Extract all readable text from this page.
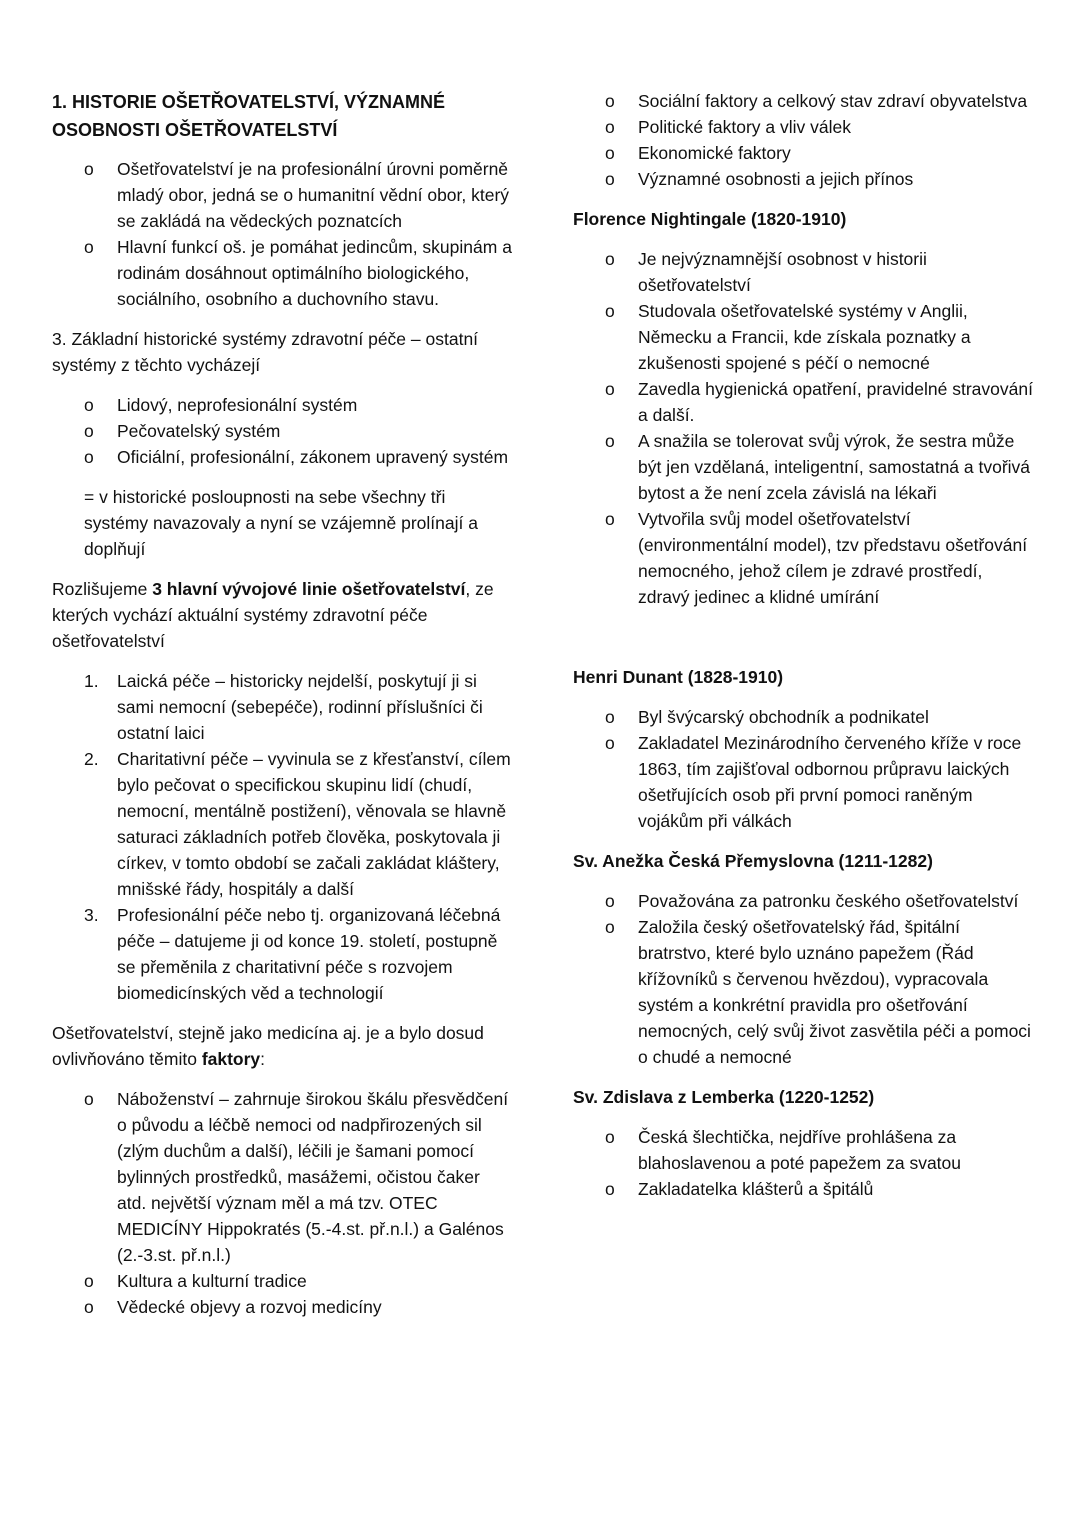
1. HISTORIE OŠETŘOVATELSTVÍ, VÝZNAMNÉ OSOBNOSTI OŠETŘOVATELSTVÍ
o	Ošetřovatelství je na profesionální úrovni poměrně mladý obor, jedná se o humanitní vědní obor, který se zakládá na vědeckých poznatcích
o	Hlavní funkcí oš. je pomáhat jedincům, skupinám a rodinám dosáhnout optimálního biologického, sociálního, osobního a duchovního stavu.

3. Základní historické systémy zdravotní péče – ostatní systémy z těchto vycházejí

o	Lidový, neprofesionální systém
o	Pečovatelský systém
o	Oficiální, profesionální, zákonem upravený systém

= v historické posloupnosti na sebe všechny tři systémy navazovaly a nyní se vzájemně prolínají a doplňují

Rozlišujeme 3 hlavní vývojové linie ošetřovatelství, ze kterých vychází aktuální systémy zdravotní péče ošetřovatelství

1.	Laická péče – historicky nejdelší, poskytují ji si sami nemocní (sebepéče), rodinní příslušníci či ostatní laici
2.	Charitativní péče – vyvinula se z křesťanství, cílem bylo pečovat o specifickou skupinu lidí (chudí, nemocní, mentálně postižení), věnovala se hlavně saturaci základních potřeb člověka, poskytovala ji církev, v tomto období se začali zakládat kláštery, mnišské řády, hospitály a další
3.	Profesionální péče nebo tj. organizovaná léčebná péče – datujeme ji od konce 19. století, postupně se přeměnila z charitativní péče s rozvojem biomedicínských věd a technologií

Ošetřovatelství, stejně jako medicína aj. je a bylo dosud ovlivňováno těmito faktory:

o	Náboženství – zahrnuje širokou škálu přesvědčení o původu a léčbě nemoci od nadpřirozených sil (zlým duchům a další), léčili je šamani pomocí bylinných prostředků, masážemi, očistou čaker atd. největší význam měl a má tzv. OTEC MEDICÍNY Hippokratés (5.-4.st. př.n.l.) a Galénos (2.-3.st. př.n.l.)
o	Kultura a kulturní tradice
o	Vědecké objevy a rozvoj medicíny
o	Sociální faktory a celkový stav zdraví obyvatelstva
o	Politické faktory a vliv válek
o	Ekonomické faktory
o	Významné osobnosti a jejich přínos
Florence Nightingale (1820-1910)
o	Je nejvýznamnější osobnost v historii ošetřovatelství
o	Studovala ošetřovatelské systémy v Anglii, Německu a Francii, kde získala poznatky a zkušenosti spojené s péčí o nemocné
o	Zavedla hygienická opatření, pravidelné stravování a další.
o	A snažila se tolerovat svůj výrok, že sestra může být jen vzdělaná, inteligentní, samostatná a tvořivá bytost a že není zcela závislá na lékaři
o	Vytvořila svůj model ošetřovatelství (environmentální model), tzv představu ošetřování nemocného, jehož cílem je zdravé prostředí, zdravý jedinec a klidné umírání
Henri Dunant (1828-1910)
o	Byl švýcarský obchodník a podnikatel
o	Zakladatel Mezinárodního červeného kříže v roce 1863, tím zajišťoval odbornou průpravu laických ošetřujících osob při první pomoci raněným vojákům při válkách
Sv. Anežka Česká Přemyslovna (1211-1282)
o	Považována za patronku českého ošetřovatelství
o	Založila český ošetřovatelský řád, špitální bratrstvo, které bylo uznáno papežem (Řád křížovníků s červenou hvězdou), vypracovala systém a konkrétní pravidla pro ošetřování nemocných, celý svůj život zasvětila péči a pomoci o chudé a nemocné
Sv. Zdislava z Lemberka (1220-1252)
o	Česká šlechtička, nejdříve prohlášena za blahoslavenou a poté papežem za svatou
o	Zakladatelka klášterů a špitálů
